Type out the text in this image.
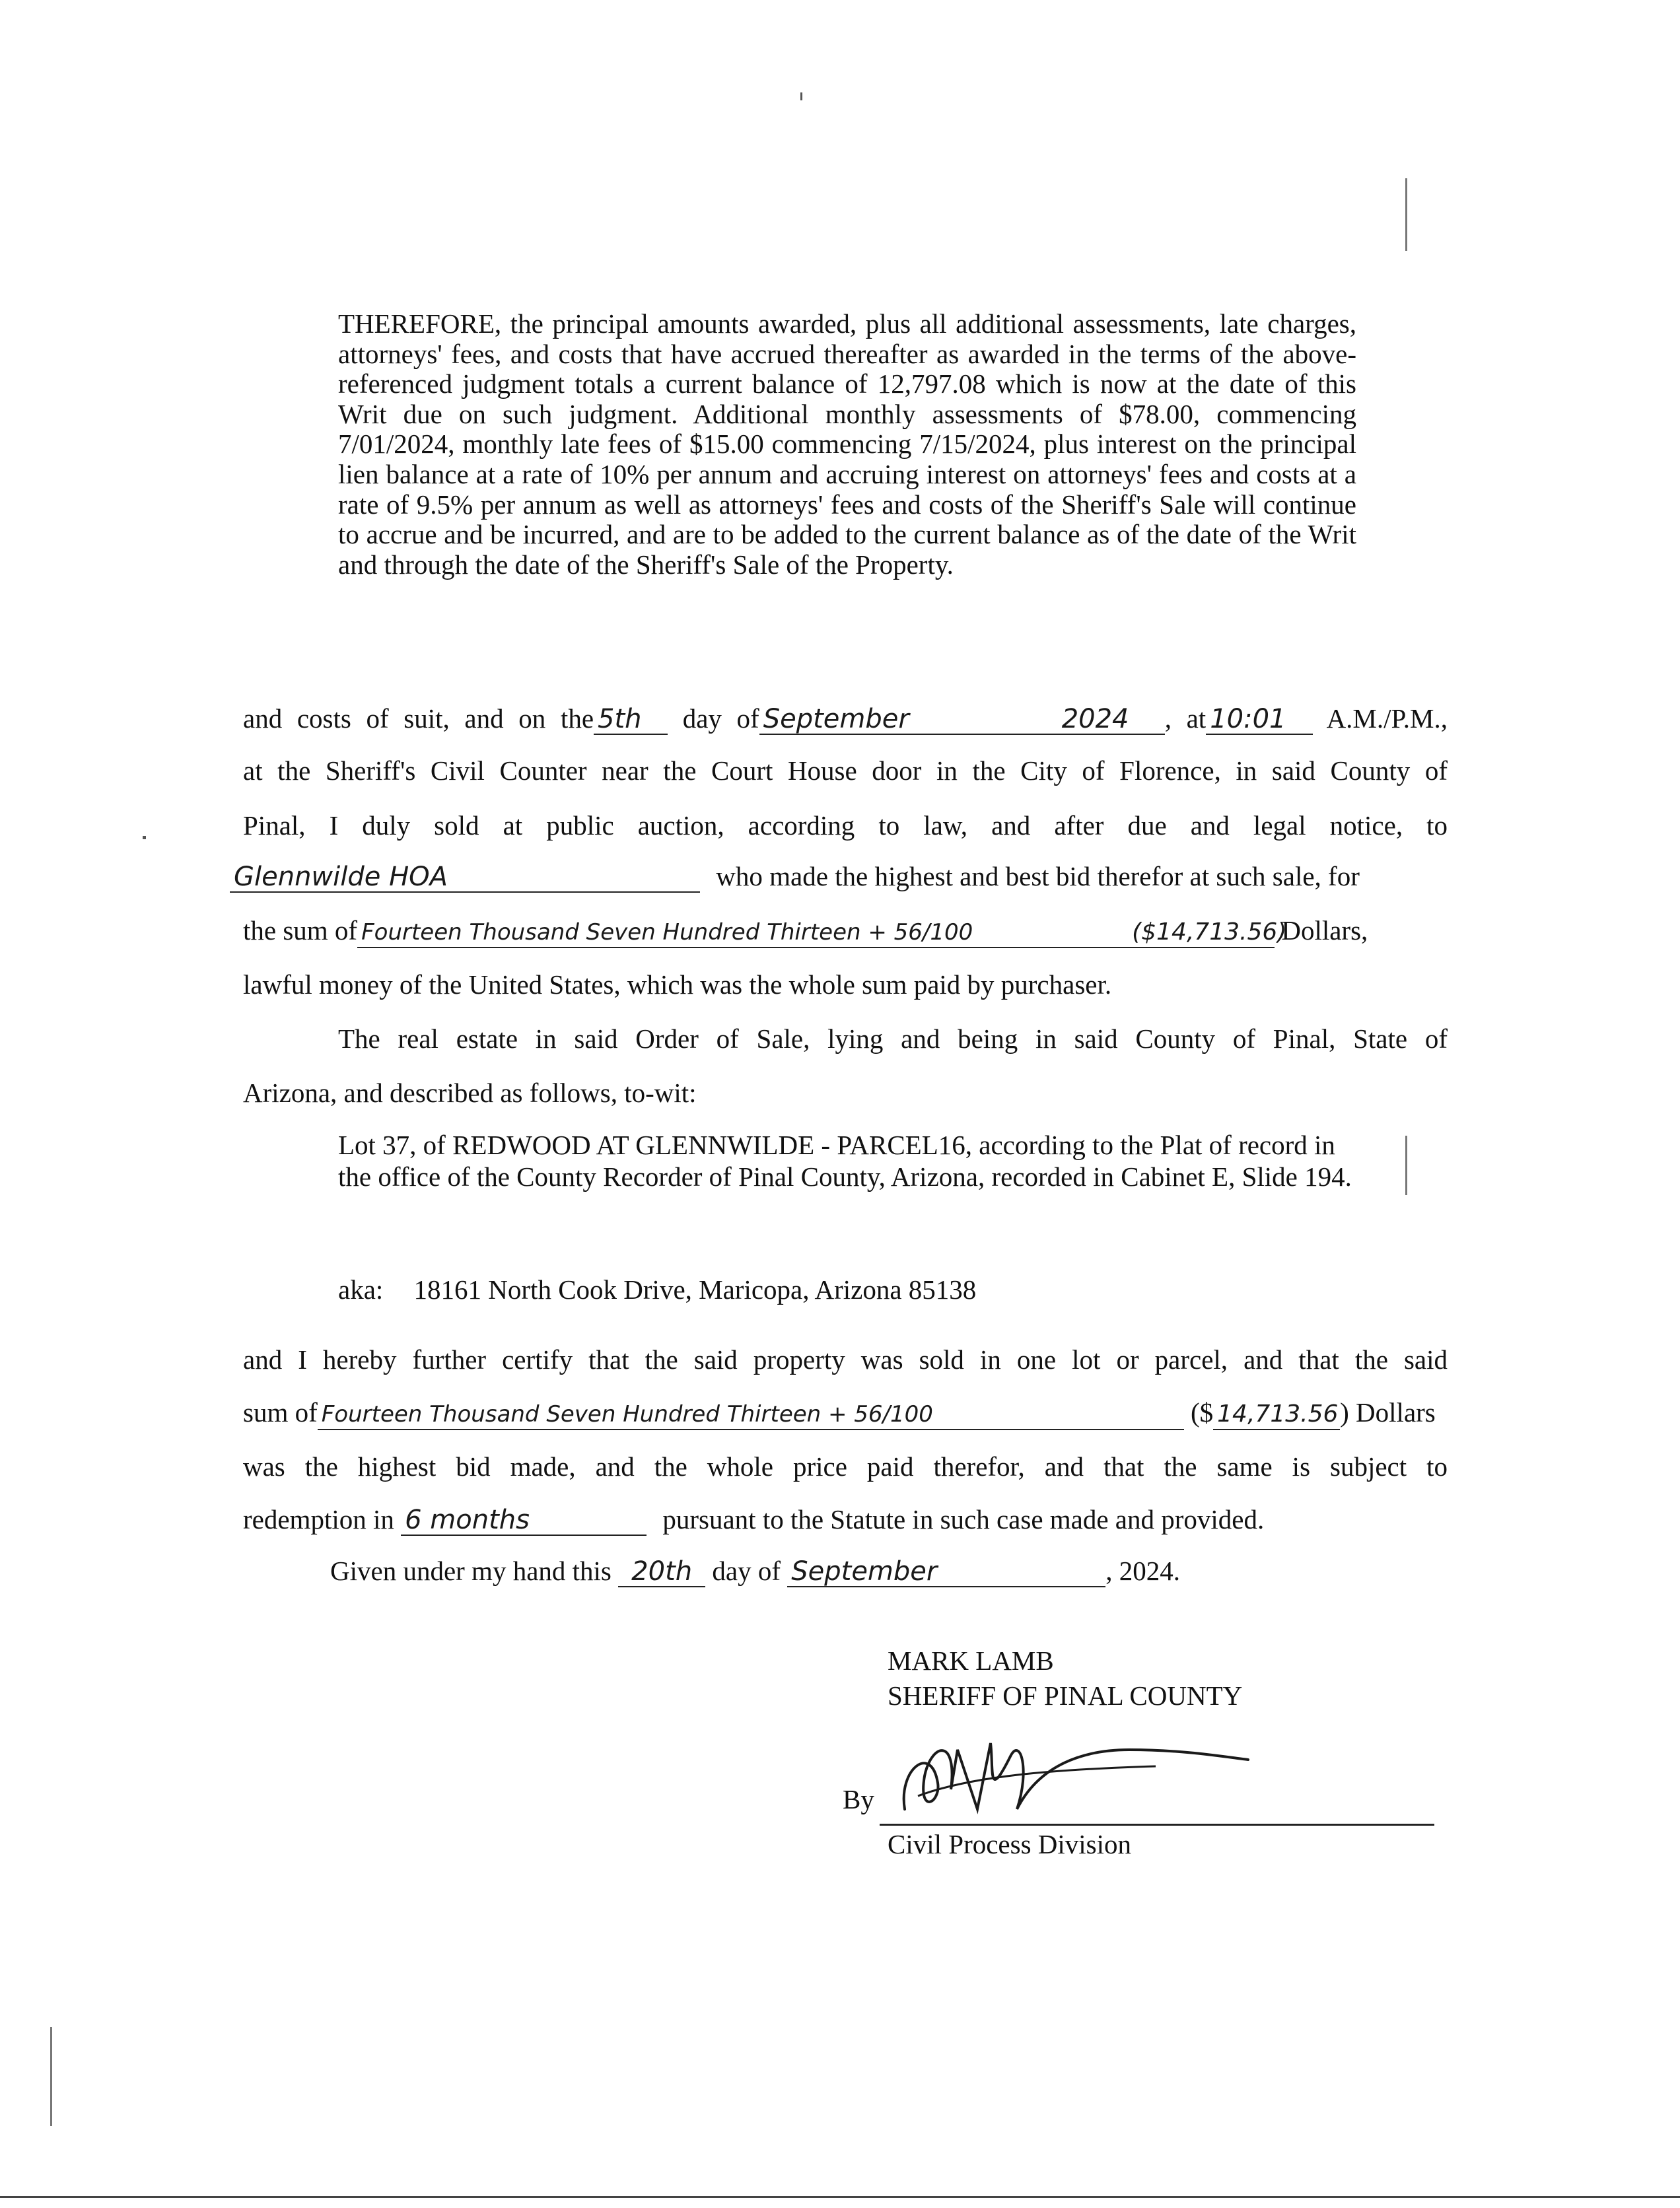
THEREFORE, the principal amounts awarded, plus all additional assessments, late charges, attorneys' fees, and costs that have accrued thereafter as awarded in the terms of the above-referenced judgment totals a current balance of 12,797.08 which is now at the date of this Writ due on such judgment. Additional monthly assessments of $78.00, commencing 7/01/2024, monthly late fees of $15.00 commencing 7/15/2024, plus interest on the principal lien balance at a rate of 10% per annum and accruing interest on attorneys' fees and costs at a rate of 9.5% per annum as well as attorneys' fees and costs of the Sheriff's Sale will continue to accrue and be incurred, and are to be added to the current balance as of the date of the Writ and through the date of the Sheriff's Sale of the Property.
and costs of suit, and on the 5th day of September	2024 , at 10:01 A.M./P.M.,
at the Sheriff's Civil Counter near the Court House door in the City of Florence, in said County of
Pinal, I duly sold at public auction, according to law, and after due and legal notice, to
Glennwilde HOA	who made the highest and best bid therefor at such sale, for
the sum of Fourteen Thousand Seven Hundred Thirteen + 56/100	($14,713.56) Dollars,
lawful money of the United States, which was the whole sum paid by purchaser.
The real estate in said Order of Sale, lying and being in said County of Pinal, State of
Arizona, and described as follows, to-wit:

Lot 37, of REDWOOD AT GLENNWILDE - PARCEL16, according to the Plat of record in the office of the County Recorder of Pinal County, Arizona, recorded in Cabinet E, Slide 194.

aka: 18161 North Cook Drive, Maricopa, Arizona 85138
and I hereby further certify that the said property was sold in one lot or parcel, and that the said
sum of Fourteen Thousand Seven Hundred Thirteen + 56/100	($ 14,713.56) Dollars
was the highest bid made, and the whole price paid therefor, and that the same is subject to
redemption in 6 months	pursuant to the Statute in such case made and provided.
Given under my hand this 20th day of September	, 2024.
MARK LAMB
SHERIFF OF PINAL COUNTY
By
Civil Process Division
